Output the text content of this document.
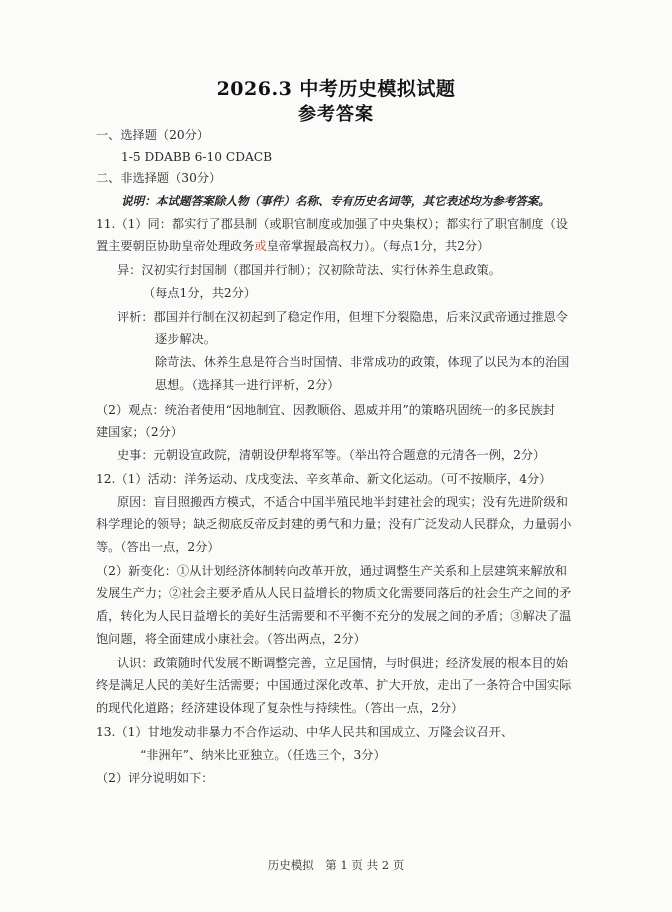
2026.3 中考历史模拟试题
参考答案
一、选择题（20分）
1-5 DDABB 6-10 CDACB
二、非选择题（30分）
说明：本试题答案除人物（事件）名称、专有历史名词等，其它表述均为参考答案。
11.（1）同：都实行了郡县制（或职官制度或加强了中央集权）；都实行了职官制度（设
置主要朝臣协助皇帝处理政务或皇帝掌握最高权力）。（每点1分，共2分）
异：汉初实行封国制（郡国并行制）；汉初除苛法、实行休养生息政策。
（每点1分，共2分）
评析：郡国并行制在汉初起到了稳定作用，但埋下分裂隐患，后来汉武帝通过推恩令
逐步解决。
除苛法、休养生息是符合当时国情、非常成功的政策，体现了以民为本的治国
思想。（选择其一进行评析，2分）
（2）观点：统治者使用“因地制宜、因教顺俗、恩威并用”的策略巩固统一的多民族封
建国家；（2分）
史事：元朝设宣政院，清朝设伊犁将军等。（举出符合题意的元清各一例，2分）
12.（1）活动：洋务运动、戊戌变法、辛亥革命、新文化运动。（可不按顺序，4分）
原因：盲目照搬西方模式，不适合中国半殖民地半封建社会的现实；没有先进阶级和
科学理论的领导；缺乏彻底反帝反封建的勇气和力量；没有广泛发动人民群众，力量弱小
等。（答出一点，2分）
（2）新变化：①从计划经济体制转向改革开放，通过调整生产关系和上层建筑来解放和
发展生产力；②社会主要矛盾从人民日益增长的物质文化需要同落后的社会生产之间的矛
盾，转化为人民日益增长的美好生活需要和不平衡不充分的发展之间的矛盾；③解决了温
饱问题，将全面建成小康社会。（答出两点，2分）
认识：政策随时代发展不断调整完善，立足国情，与时俱进；经济发展的根本目的始
终是满足人民的美好生活需要；中国通过深化改革、扩大开放，走出了一条符合中国实际
的现代化道路；经济建设体现了复杂性与持续性。（答出一点，2分）
13.（1）甘地发动非暴力不合作运动、中华人民共和国成立、万隆会议召开、
“非洲年”、纳米比亚独立。（任选三个，3分）
（2）评分说明如下：
历史模拟　第 1 页 共 2 页
